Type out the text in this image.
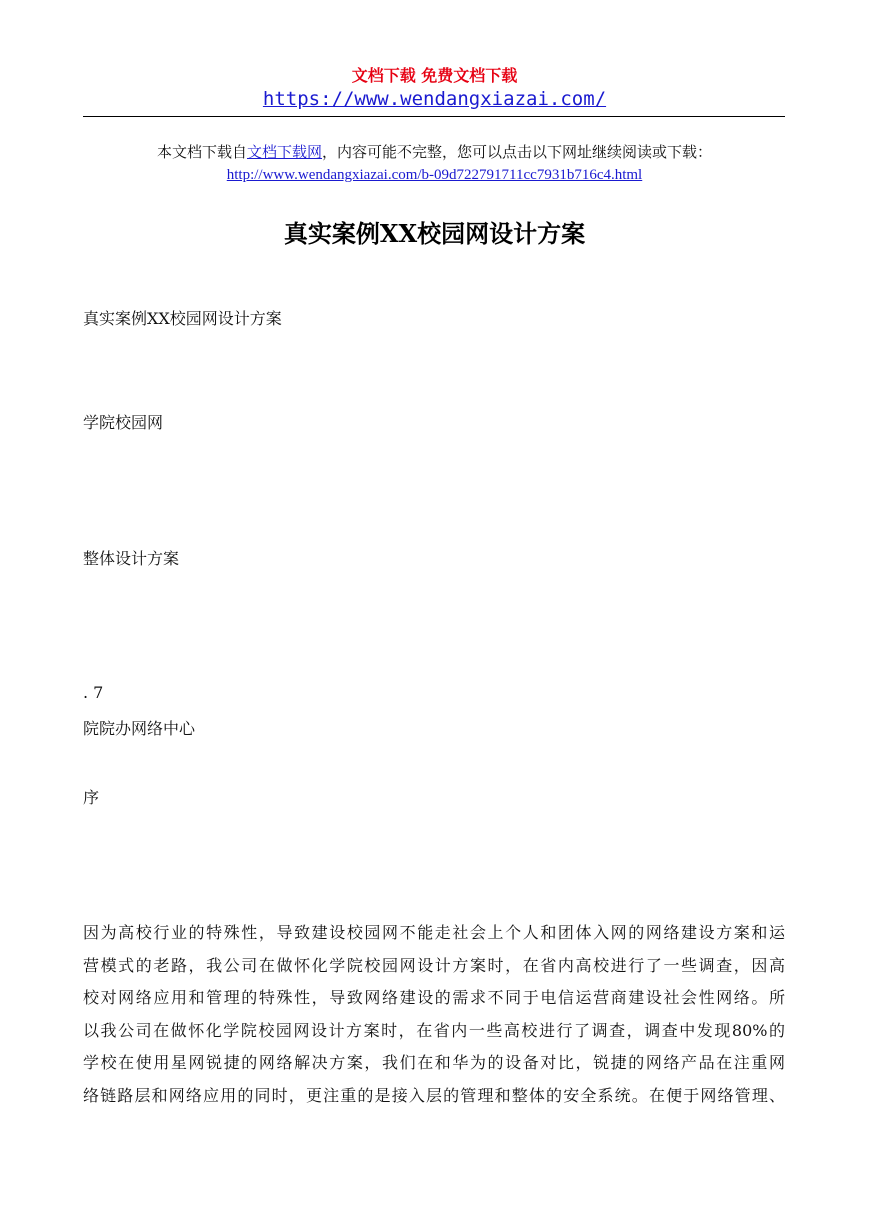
文档下载 免费文档下载
https://www.wendangxiazai.com/
本文档下载自文档下载网，内容可能不完整，您可以点击以下网址继续阅读或下载：
http://www.wendangxiazai.com/b-09d722791711cc7931b716c4.html
真实案例XX校园网设计方案
真实案例XX校园网设计方案
学院校园网
整体设计方案
. 7
院院办网络中心
序
因为高校行业的特殊性，导致建设校园网不能走社会上个人和团体入网的网络建设方案和运
营模式的老路，我公司在做怀化学院校园网设计方案时，在省内高校进行了一些调查，因高
校对网络应用和管理的特殊性，导致网络建设的需求不同于电信运营商建设社会性网络。所
以我公司在做怀化学院校园网设计方案时，在省内一些高校进行了调查，调查中发现80%的
学校在使用星网锐捷的网络解决方案，我们在和华为的设备对比，锐捷的网络产品在注重网
络链路层和网络应用的同时，更注重的是接入层的管理和整体的安全系统。在便于网络管理、
